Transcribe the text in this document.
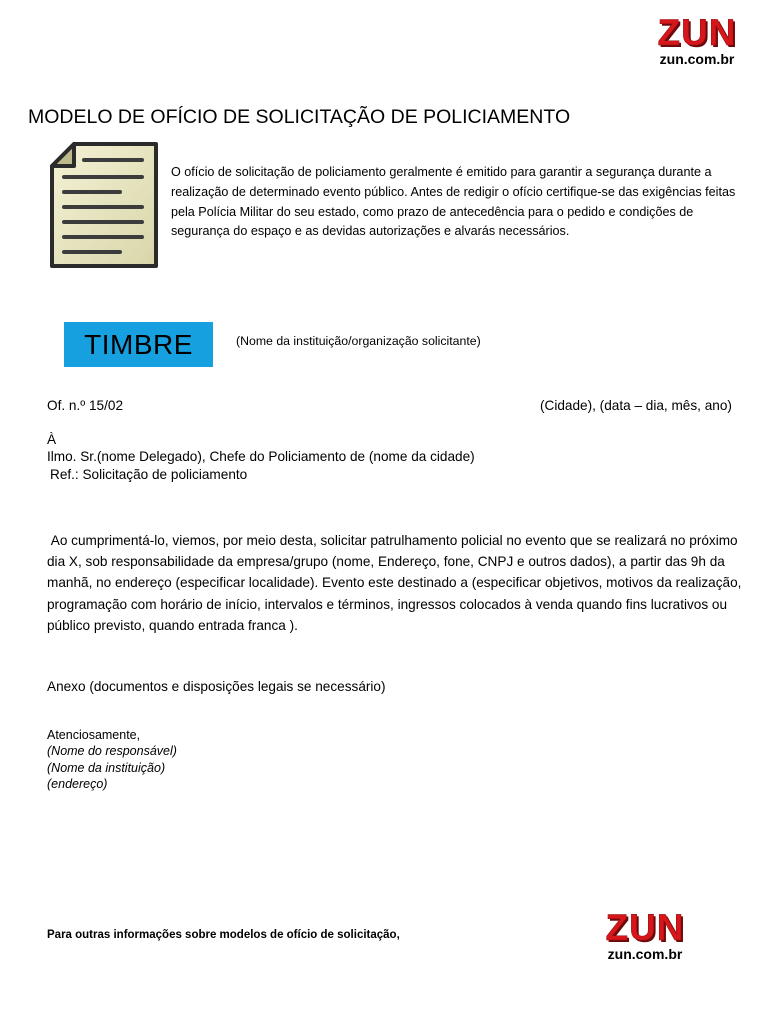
ZUN
zun.com.br
MODELO DE OFÍCIO DE SOLICITAÇÃO DE POLICIAMENTO
O ofício de solicitação de policiamento geralmente é emitido para garantir a segurança durante a realização de determinado evento público. Antes de redigir o ofício certifique-se das exigências feitas pela Polícia Militar do seu estado, como prazo de antecedência para o pedido e condições de segurança do espaço e as devidas autorizações e alvarás necessários.
TIMBRE	(Nome da instituição/organização solicitante)
Of. n.º 15/02	(Cidade), (data – dia, mês, ano)
À
Ilmo. Sr.(nome Delegado), Chefe do Policiamento de (nome da cidade)
Ref.: Solicitação de policiamento
Ao cumprimentá-lo, viemos, por meio desta, solicitar patrulhamento policial no evento que se realizará no próximo dia X, sob responsabilidade da empresa/grupo (nome, Endereço, fone, CNPJ e outros dados), a partir das 9h da manhã, no endereço (especificar localidade). Evento este destinado a (especificar objetivos, motivos da realização, programação com horário de início, intervalos e términos, ingressos colocados à venda quando fins lucrativos ou público previsto, quando entrada franca ).
Anexo (documentos e disposições legais se necessário)
Atenciosamente,
(Nome do responsável)
(Nome da instituição)
(endereço)
Para outras informações sobre modelos de ofício de solicitação,	ZUN
zun.com.br
